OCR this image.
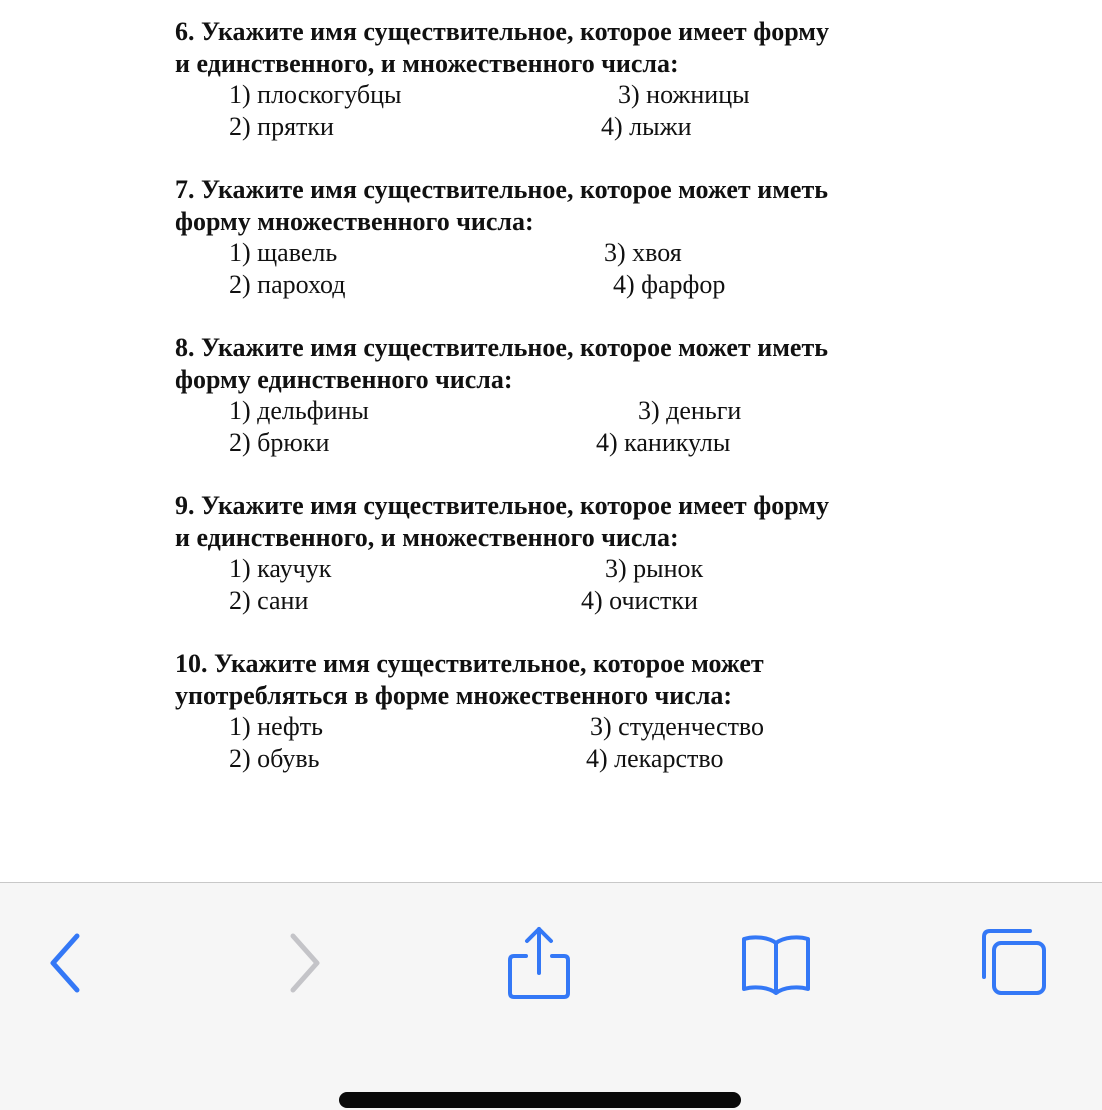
6. Укажите имя существительное, которое имеет форму
и единственного, и множественного числа:

1) плоскогубцы
2) прятки
3) ножницы
4) лыжи

7. Укажите имя существительное, которое может иметь
форму множественного числа:

1) щавель
2) пароход
3) хвоя
4) фарфор

8. Укажите имя существительное, которое может иметь
форму единственного числа:

1) дельфины
2) брюки
3) деньги
4) каникулы

9. Укажите имя существительное, которое имеет форму
и единственного, и множественного числа:

1) каучук
2) сани
3) рынок
4) очистки

10. Укажите имя существительное, которое может
употребляться в форме множественного числа:

1) нефть
2) обувь
3) студенчество
4) лекарство
